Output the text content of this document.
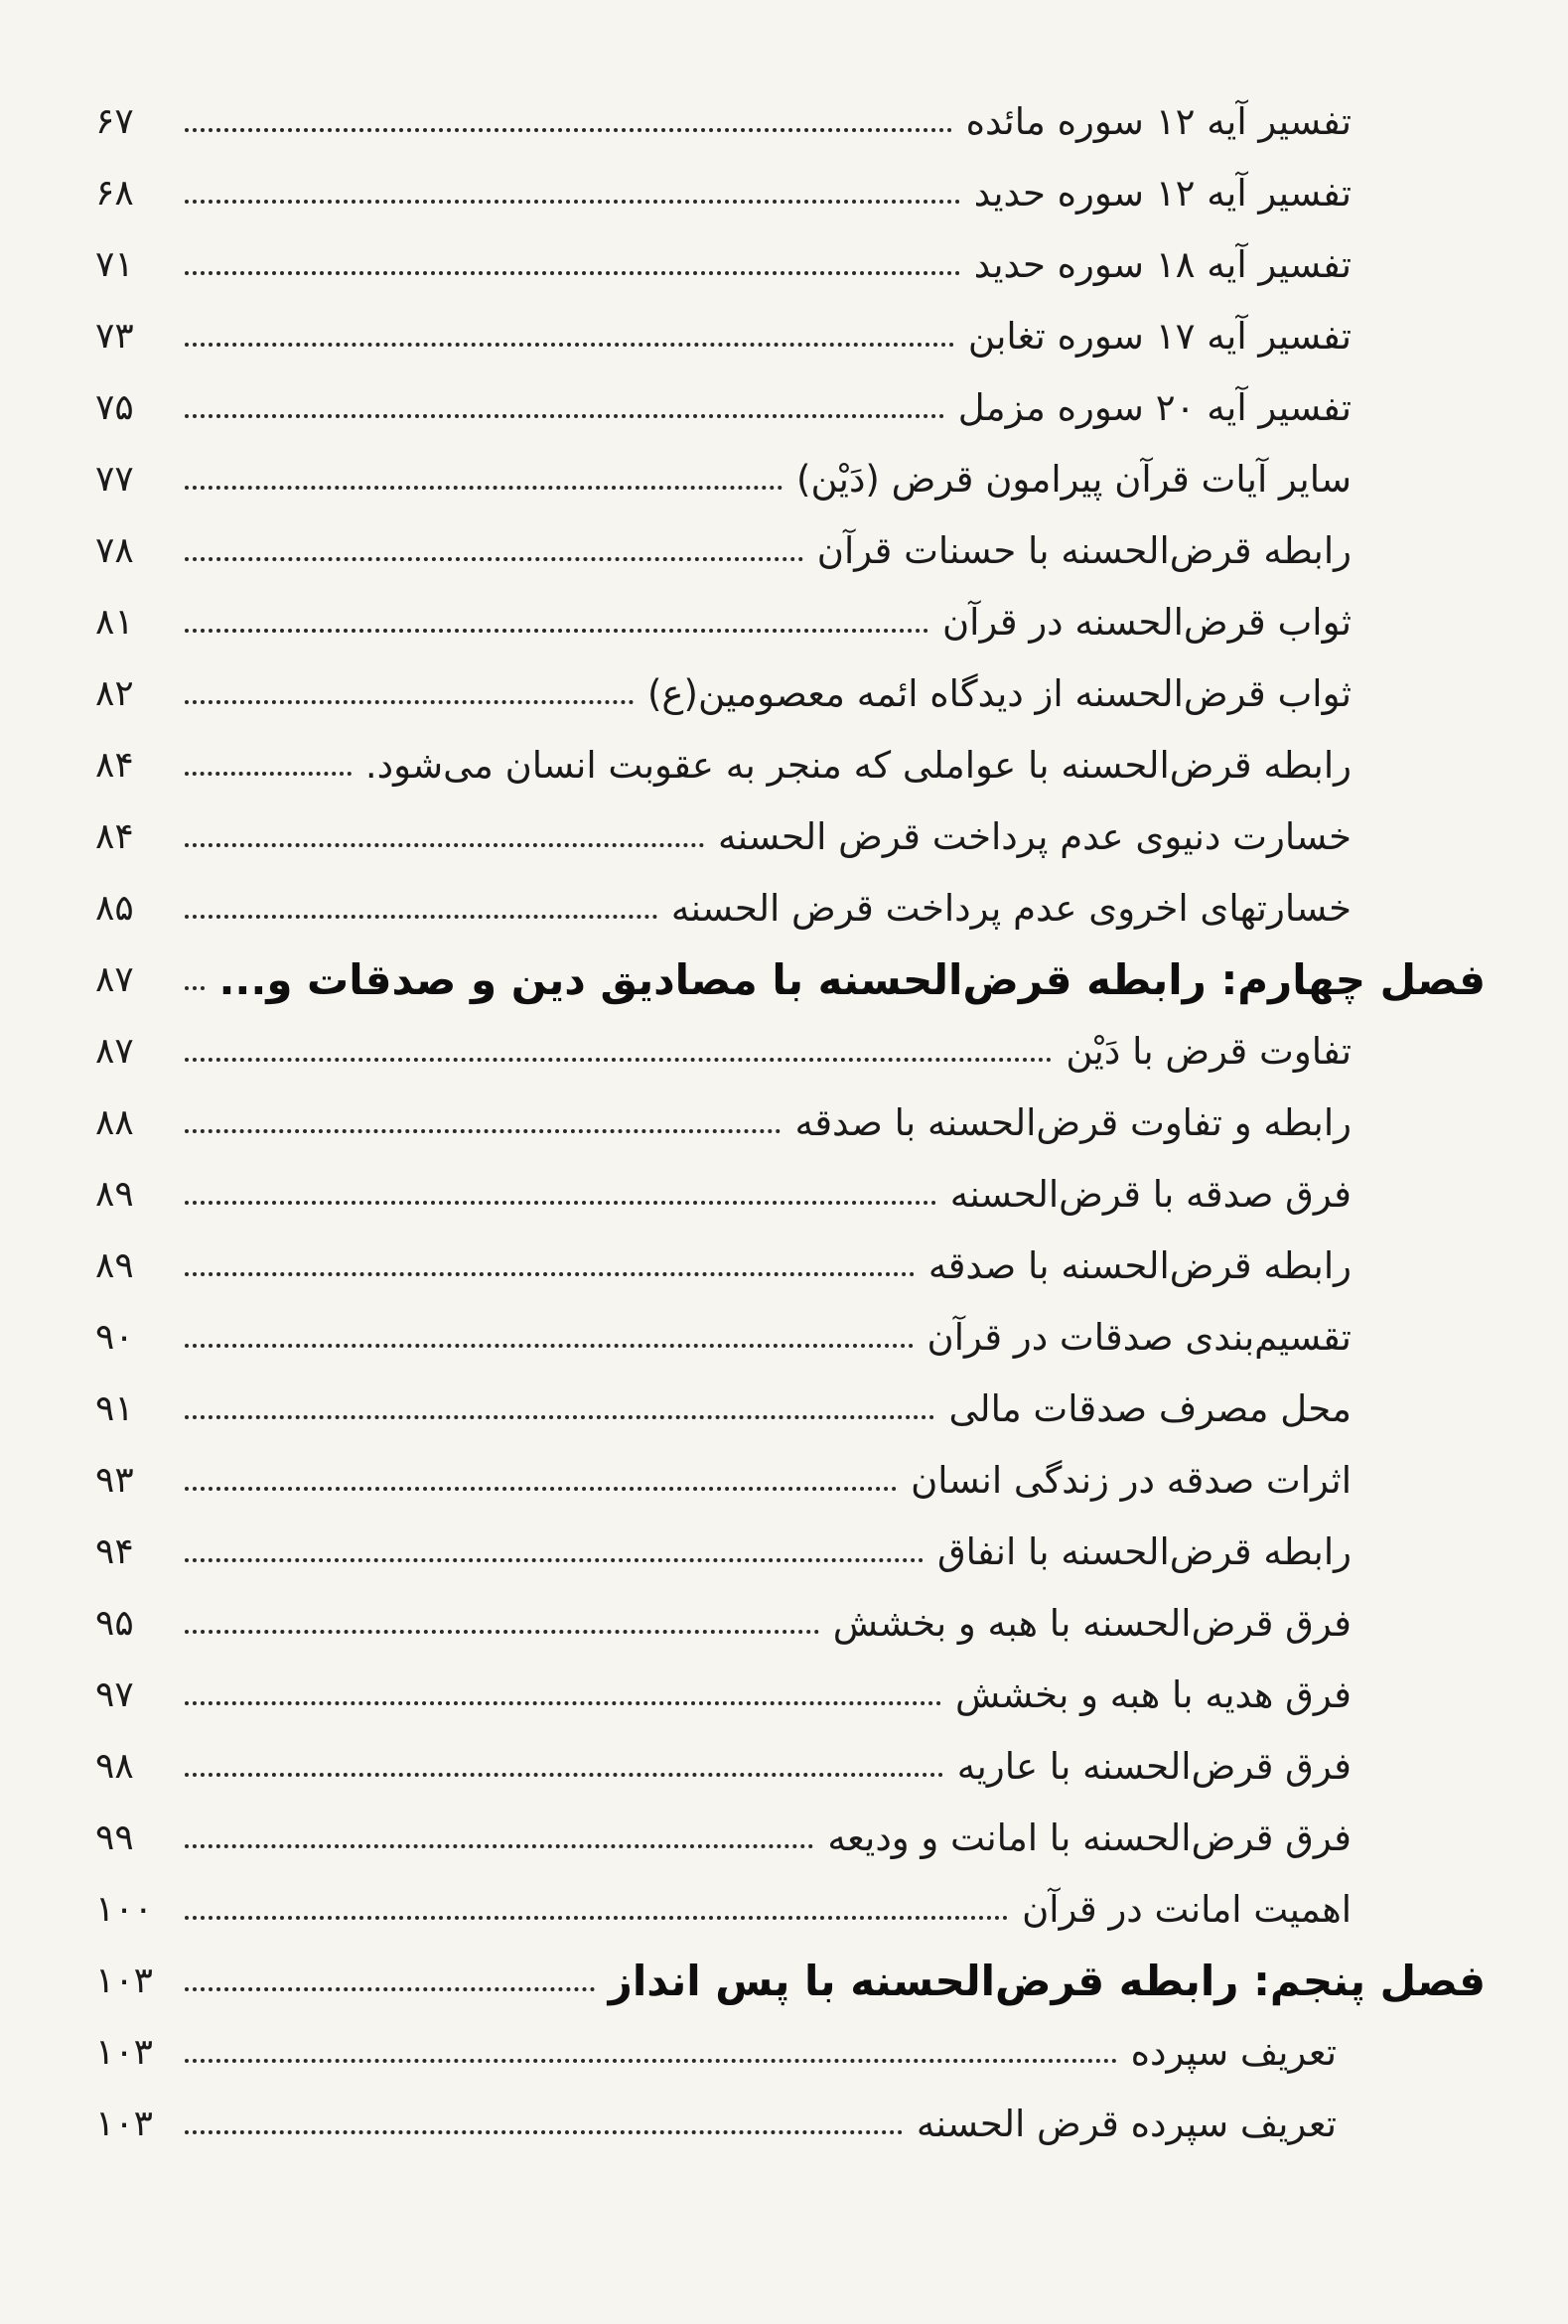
۶۷	تفسیر آیه ۱۲ سوره مائده
۶۸	تفسیر آیه ۱۲ سوره حدید
۷۱	تفسیر آیه ۱۸ سوره حدید
۷۳	تفسیر آیه ۱۷ سوره تغابن
۷۵	تفسیر آیه ۲۰ سوره مزمل
۷۷	سایر آیات قرآن پیرامون قرض (دَیْن)
۷۸	رابطه قرض‌الحسنه با حسنات قرآن
۸۱	ثواب قرض‌الحسنه در قرآن
۸۲	ثواب قرض‌الحسنه از دیدگاه ائمه معصومین(ع)
۸۴	رابطه قرض‌الحسنه با عواملی که منجر به عقوبت انسان می‌شود.
۸۴	خسارت دنیوی عدم پرداخت قرض الحسنه
۸۵	خسارتهای اخروی عدم پرداخت قرض الحسنه
۸۷	فصل چهارم: رابطه قرض‌الحسنه با مصادیق دین و صدقات و...
۸۷	تفاوت قرض با دَیْن
۸۸	رابطه و تفاوت قرض‌الحسنه با صدقه
۸۹	فرق صدقه با قرض‌الحسنه
۸۹	رابطه قرض‌الحسنه با صدقه
۹۰	تقسیم‌بندی صدقات در قرآن
۹۱	محل مصرف صدقات مالی
۹۳	اثرات صدقه در زندگی انسان
۹۴	رابطه قرض‌الحسنه با انفاق
۹۵	فرق قرض‌الحسنه با هبه و بخشش
۹۷	فرق هدیه با هبه و بخشش
۹۸	فرق قرض‌الحسنه با عاریه
۹۹	فرق قرض‌الحسنه با امانت و ودیعه
۱۰۰	اهمیت امانت در قرآن
۱۰۳	فصل پنجم: رابطه قرض‌الحسنه با پس انداز
۱۰۳	تعریف سپرده
۱۰۳	تعریف سپرده قرض الحسنه
